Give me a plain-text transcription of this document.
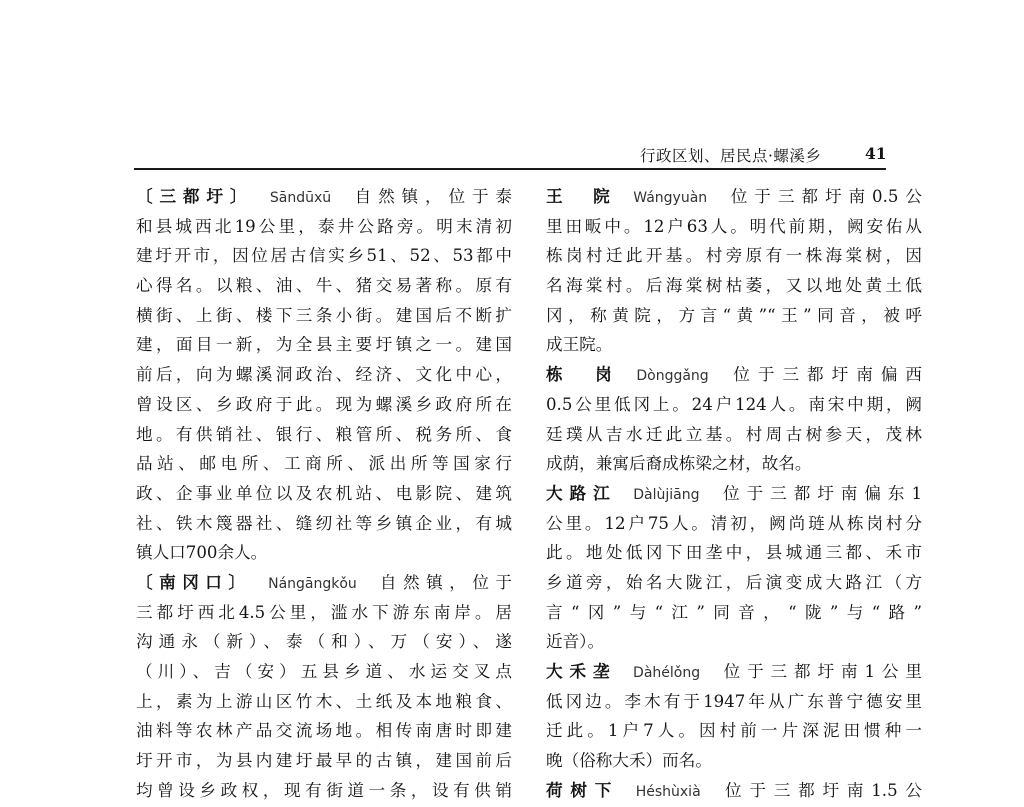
行政区划、居民点·螺溪乡	41
〔三都圩〕  Sāndūxū  自然镇，位于泰
和县城西北19公里，泰井公路旁。明末清初
建圩开市，因位居古信实乡51、52、53都中
心得名。以粮、油、牛、猪交易著称。原有
横街、上街、楼下三条小街。建国后不断扩
建，面目一新，为全县主要圩镇之一。建国
前后，向为螺溪洞政治、经济、文化中心，
曾设区、乡政府于此。现为螺溪乡政府所在
地。有供销社、银行、粮管所、税务所、食
品站、邮电所、工商所、派出所等国家行
政、企事业单位以及农机站、电影院、建筑
社、铁木篾器社、缝纫社等乡镇企业，有城
镇人口700余人。
〔南冈口〕  Nángāngkǒu  自然镇，位于
三都圩西北4.5公里，滥水下游东南岸。居
沟通永（新）、泰（和）、万（安）、遂
（川）、吉（安）五县乡道、水运交叉点
上，素为上游山区竹木、土纸及本地粮食、
油料等农林产品交流场地。相传南唐时即建
圩开市，为县内建圩最早的古镇，建国前后
均曾设乡政权，现有街道一条，设有供销
王　院  Wángyuàn  位于三都圩南0.5公
里田畈中。12户63人。明代前期，阙安佑从
栋岗村迁此开基。村旁原有一株海棠树，因
名海棠村。后海棠树枯萎，又以地处黄土低
冈，称黄院，方言“黄”“王”同音，被呼
成王院。
栋　岗  Dònggǎng  位于三都圩南偏西
0.5公里低冈上。24户124人。南宋中期，阙
廷璞从吉水迁此立基。村周古树参天，茂林
成荫，兼寓后裔成栋梁之材，故名。
大路江  Dàlùjiāng  位于三都圩南偏东1
公里。12户75人。清初，阙尚琏从栋岗村分
此。地处低冈下田垄中，县城通三都、禾市
乡道旁，始名大陇江，后演变成大路江（方
言“冈”与“江”同音，“陇”与“路”
近音）。
大禾垄  Dàhélǒng  位于三都圩南1公里
低冈边。李木有于1947年从广东普宁德安里
迁此。1户7人。因村前一片深泥田惯种一
晚（俗称大禾）而名。
荷树下  Héshùxià  位于三都圩南1.5公
